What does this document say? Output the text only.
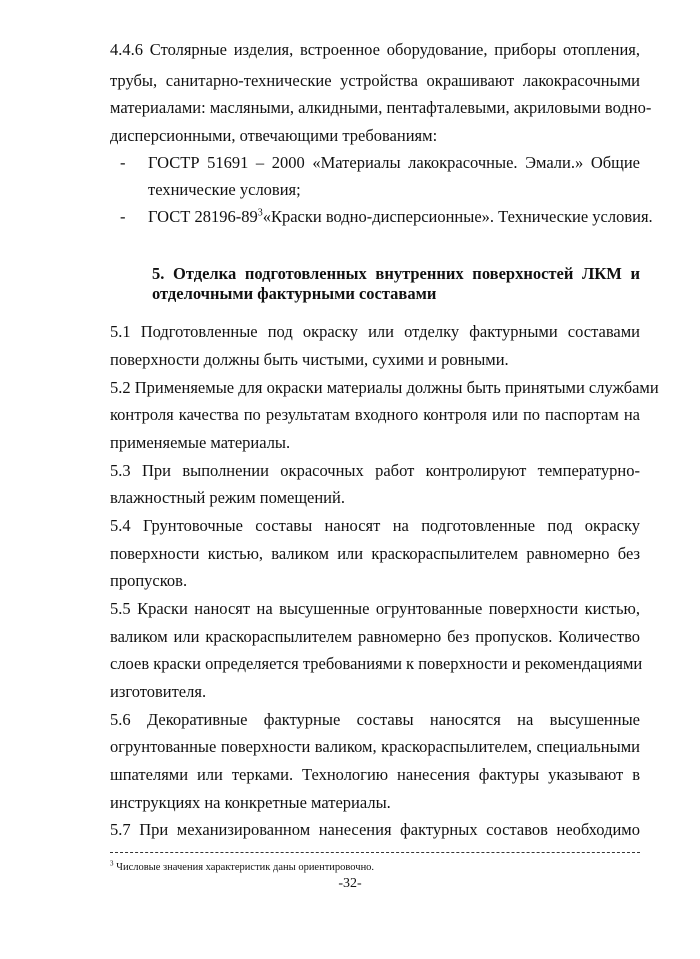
4.4.6 Столярные изделия, встроенное оборудование, приборы отопления,
трубы, санитарно-технические устройства окрашивают лакокрасочными
материалами: масляными, алкидными, пентафталевыми, акриловыми водно-
дисперсионными, отвечающими требованиям:
- ГОСТР 51691 – 2000 «Материалы лакокрасочные. Эмали.» Общие
технические условия;
- ГОСТ 28196-89$^3$«Краски водно-дисперсионные». Технические условия.
5. Отделка подготовленных внутренних поверхностей ЛКМ и
отделочными фактурными составами
5.1 Подготовленные под окраску или отделку фактурными составами
поверхности должны быть чистыми, сухими и ровными.
5.2 Применяемые для окраски материалы должны быть принятыми службами
контроля качества по результатам входного контроля или по паспортам на
применяемые материалы.
5.3 При выполнении окрасочных работ контролируют температурно-
влажностный режим помещений.
5.4 Грунтовочные составы наносят на подготовленные под окраску
поверхности кистью, валиком или краскораспылителем равномерно без
пропусков.
5.5 Краски наносят на высушенные огрунтованные поверхности кистью,
валиком или краскораспылителем равномерно без пропусков. Количество
слоев краски определяется требованиями к поверхности и рекомендациями
изготовителя.
5.6 Декоративные фактурные составы наносятся на высушенные
огрунтованные поверхности валиком, краскораспылителем, специальными
шпателями или терками. Технологию нанесения фактуры указывают в
инструкциях на конкретные материалы.
5.7 При механизированном нанесения фактурных составов необходимо
$^3$ Числовые значения характеристик даны ориентировочно.
-32-
